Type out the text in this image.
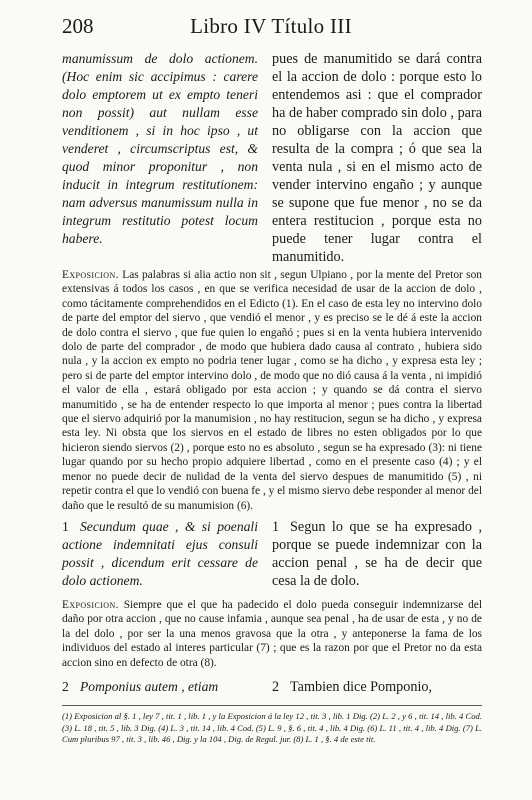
208	Libro IV Título III

manumissum de dolo actionem. (Hoc enim sic accipimus : carere dolo emptorem ut ex empto teneri non possit) aut nullam esse venditionem , si in hoc ipso , ut venderet , circumscriptus est, & quod minor proponitur , non inducit in integrum restitutionem: nam adversus manumissum nulla in integrum restitutio potest locum habere.

pues de manumitido se dará contra el la accion de dolo : porque esto lo entendemos asi : que el comprador ha de haber comprado sin dolo , para no obligarse con la accion que resulta de la compra ; ó que sea la venta nula , si en el mismo acto de vender intervino engaño ; y aunque se supone que fue menor , no se da entera restitucion , porque esta no puede tener lugar contra el manumitido.

Exposicion. Las palabras si alia actio non sit , segun Ulpiano , por la mente del Pretor son extensivas á todos los casos , en que se verifica necesidad de usar de la accion de dolo , como tácitamente comprehendidos en el Edicto (1). En el caso de esta ley no intervino dolo de parte del emptor del siervo , que vendió el menor , y es preciso se le dé á este la accion de dolo contra el siervo , que fue quien lo engañó ; pues si en la venta hubiera intervenido dolo de parte del comprador , de modo que hubiera dado causa al contrato , hubiera sido nula , y la accion ex empto no podria tener lugar , como se ha dicho , y expresa esta ley ; pero si de parte del emptor intervino dolo , de modo que no dió causa á la venta , ni impidió el valor de ella , estará obligado por esta accion ; y quando se dá contra el siervo manumitido , se ha de entender respecto lo que importa al menor ; pues contra la libertad que el siervo adquirió por la manumision , no hay restitucion, segun se ha dicho , y expresa esta ley. Ni obsta que los siervos en el estado de libres no esten obligados por lo que hicieron siendo siervos (2) , porque esto no es absoluto , segun se ha expresado (3): ni tiene lugar quando por su hecho propio adquiere libertad , como en el presente caso (4) ; y el menor no puede decir de nulidad de la venta del siervo despues de manumitido (5) , ni repetir contra el que lo vendió con buena fe , y el mismo siervo debe responder al menor del daño que le resultó de su manumision (6).

1 Secundum quae , & si poenali actione indemnitati ejus consuli possit , dicendum erit cessare de dolo actionem.

1 Segun lo que se ha expresado , porque se puede indemnizar con la accion penal , se ha de decir que cesa la de dolo.

Exposicion. Siempre que el que ha padecido el dolo pueda conseguir indemnizarse del daño por otra accion , que no cause infamia , aunque sea penal , ha de usar de esta , y no de la del dolo , por ser la una menos gravosa que la otra , y anteponerse la fama de los individuos del estado al interes particular (7) ; que es la razon por que el Pretor no da esta accion sino en defecto de otra (8).

2 Pomponius autem , etiam	2 Tambien dice Pomponio,

(1) Exposicion al §. 1 , ley 7 , tit. 1 , lib. 1 , y la Exposicion á la ley 12 , tit. 3 , lib. 1 Dig. (2) L. 2 , y 6 , tit. 14 , lib. 4 Cod. (3) L. 18 , tit. 5 , lib. 3 Dig. (4) L. 3 , tit. 14 , lib. 4 Cod. (5) L. 9 , §. 6 , tit. 4 , lib. 4 Dig. (6) L. 11 , tit. 4 , lib. 4 Dig. (7) L. Cum pluribus 97 , tit. 3 , lib. 46 , Dig. y la 104 , Dig. de Regul. jur. (8) L. 1 , §. 4 de este tit.
